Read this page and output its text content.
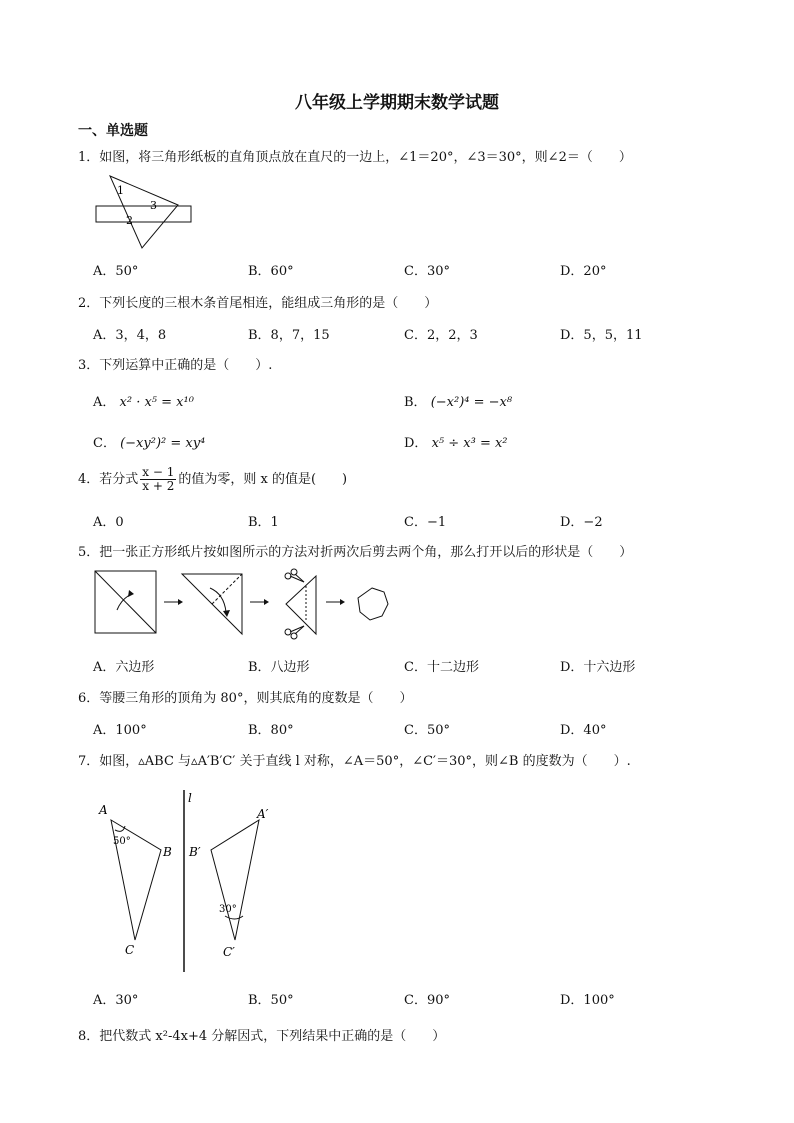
八年级上学期期末数学试题
一、单选题
1．如图，将三角形纸板的直角顶点放在直尺的一边上，∠1＝20°，∠3＝30°，则∠2＝（　　）
1
3
2
A．50°	B．60°	C．30°	D．20°
2．下列长度的三根木条首尾相连，能组成三角形的是（　　）
A．3，4，8	B．8，7，15	C．2，2，3	D．5，5，11
3．下列运算中正确的是（　　）.
A． x² · x⁵ = x¹⁰	B． (−x²)⁴ = −x⁸
C． (−xy²)² = xy⁴	D． x⁵ ÷ x³ = x²
4．若分式 $\frac{x - 1}{x + 2}$ 的值为零，则 x 的值是(　　)
A．0	B．1	C．−1	D．−2
5．把一张正方形纸片按如图所示的方法对折两次后剪去两个角，那么打开以后的形状是（　　）
A．六边形	B．八边形	C．十二边形	D．十六边形
6．等腰三角形的顶角为 80°，则其底角的度数是（　　）
A．100°	B．80°	C．50°	D．40°
7．如图，▵ABC 与▵A′B′C′ 关于直线 l 对称，∠A＝50°，∠C′＝30°，则∠B 的度数为（　　）.
l
A
B
C
A′
B′
C′
50°
30°
A．30°	B．50°	C．90°	D．100°
8．把代数式 x²-4x+4 分解因式，下列结果中正确的是（　　）
